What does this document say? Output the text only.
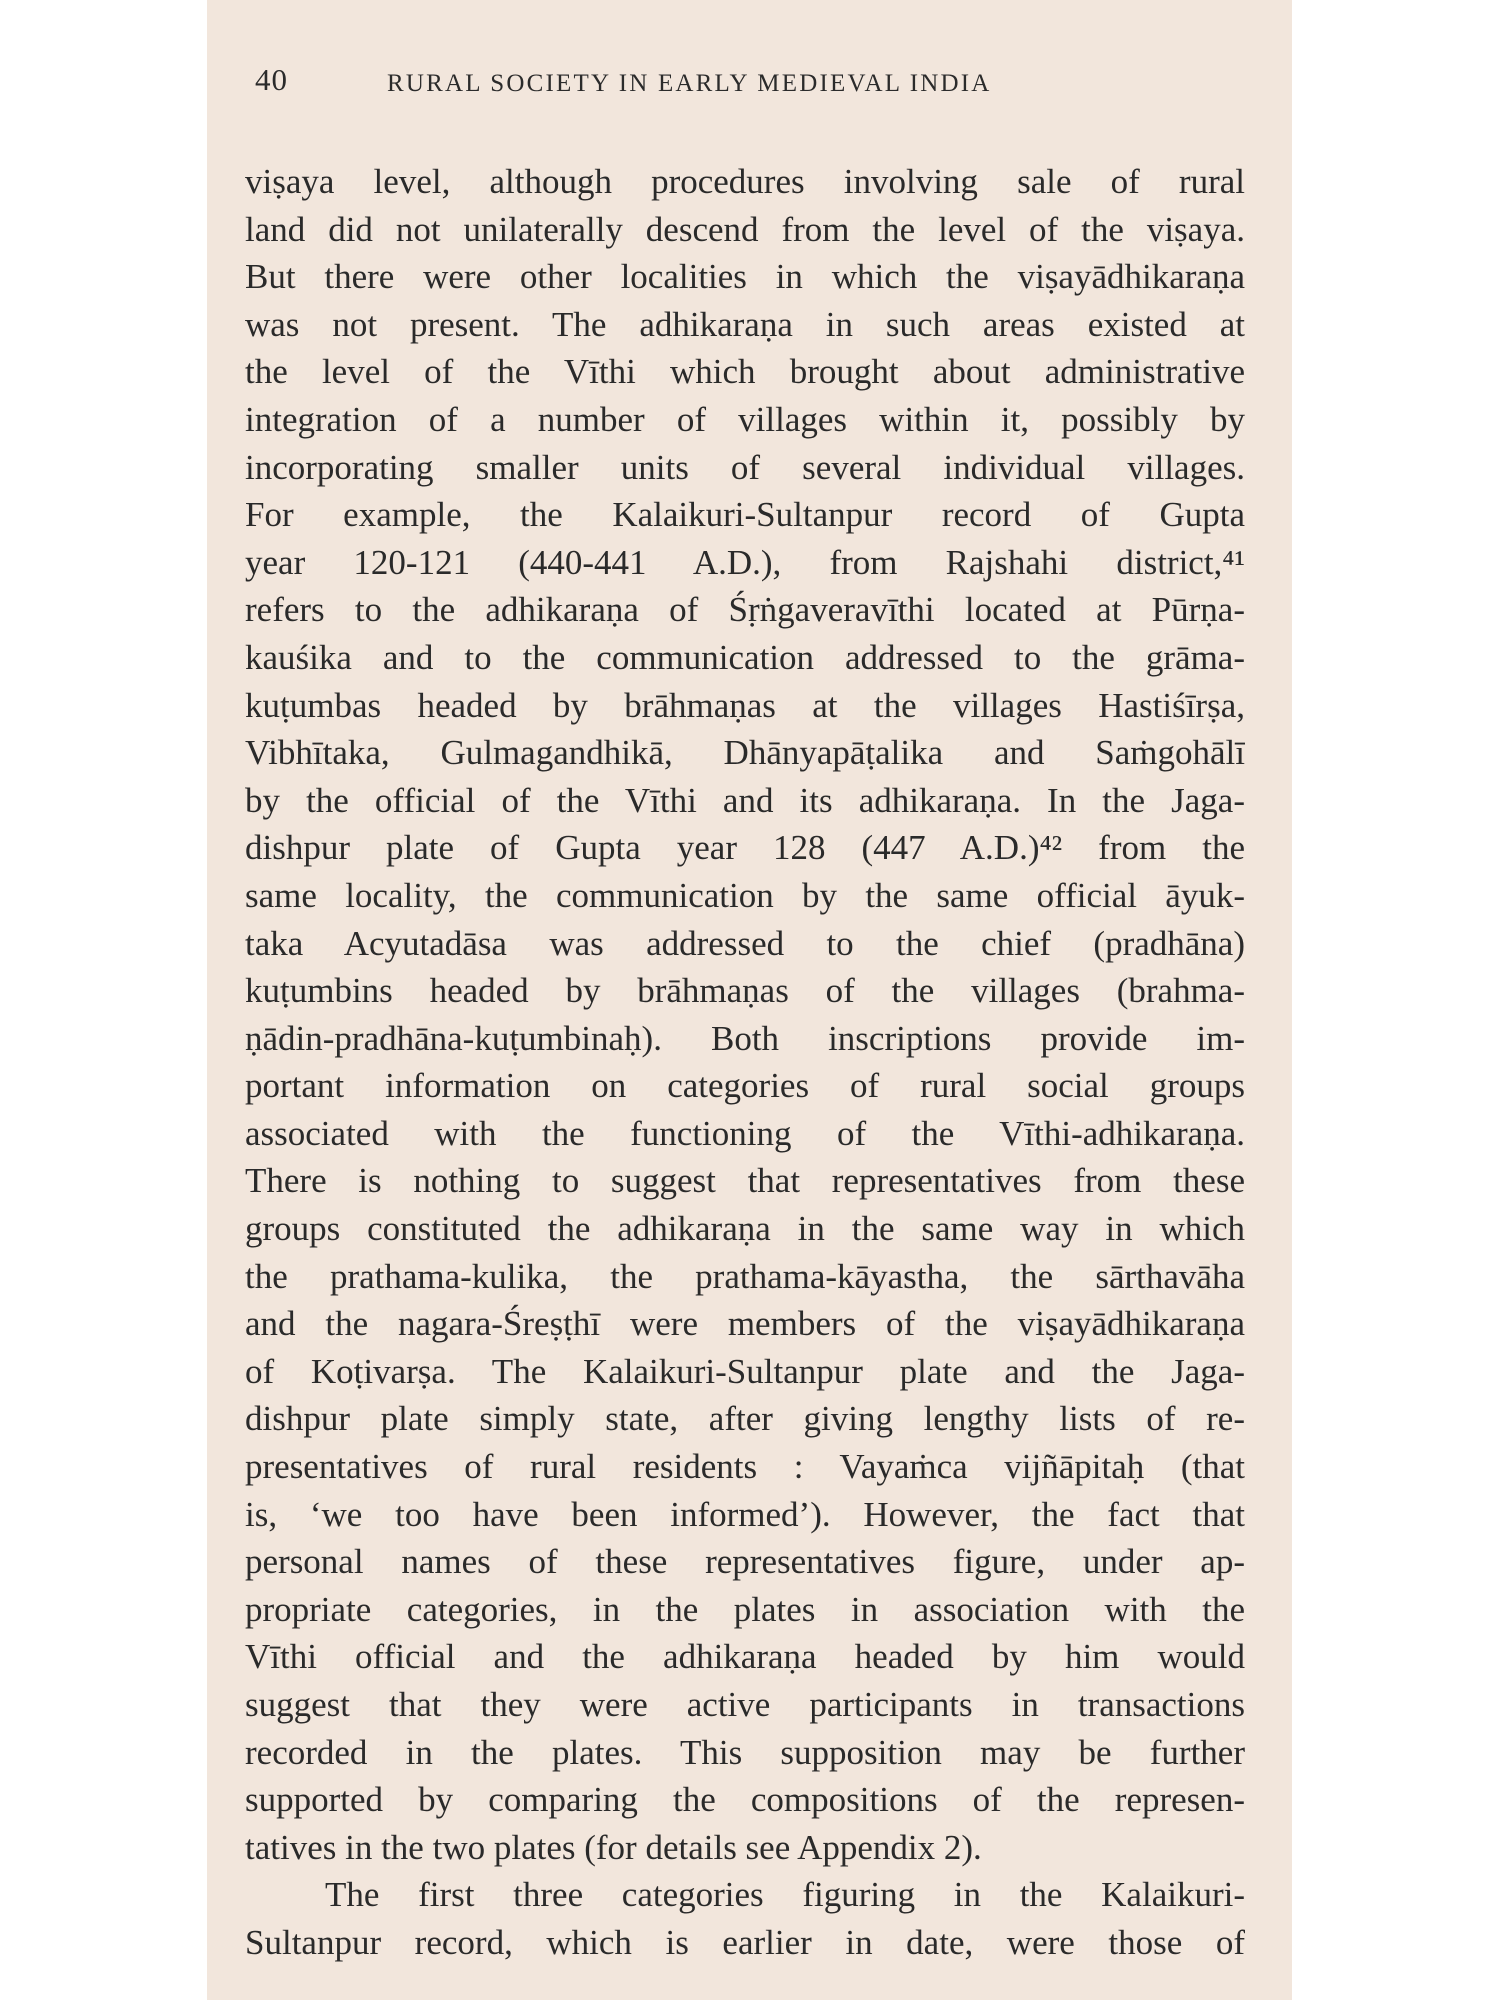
40	RURAL SOCIETY IN EARLY MEDIEVAL INDIA
viṣaya level, although procedures involving sale of rural
land did not unilaterally descend from the level of the viṣaya.
But there were other localities in which the viṣayādhikaraṇa
was not present. The adhikaraṇa in such areas existed at
the level of the Vīthi which brought about administrative
integration of a number of villages within it, possibly by
incorporating smaller units of several individual villages.
For example, the Kalaikuri-Sultanpur record of Gupta
year 120-121 (440-441 A.D.), from Rajshahi district,⁴¹
refers to the adhikaraṇa of Śṛṅgaveravīthi located at Pūrṇa-
kauśika and to the communication addressed to the grāma-
kuṭumbas headed by brāhmaṇas at the villages Hastiśīrṣa,
Vibhītaka, Gulmagandhikā, Dhānyapāṭalika and Saṁgohālī
by the official of the Vīthi and its adhikaraṇa. In the Jaga-
dishpur plate of Gupta year 128 (447 A.D.)⁴² from the
same locality, the communication by the same official āyuk-
taka Acyutadāsa was addressed to the chief (pradhāna)
kuṭumbins headed by brāhmaṇas of the villages (brahma-
ṇādin-pradhāna-kuṭumbinaḥ). Both inscriptions provide im-
portant information on categories of rural social groups
associated with the functioning of the Vīthi-adhikaraṇa.
There is nothing to suggest that representatives from these
groups constituted the adhikaraṇa in the same way in which
the prathama-kulika, the prathama-kāyastha, the sārthavāha
and the nagara-Śreṣṭhī were members of the viṣayādhikaraṇa
of Koṭivarṣa. The Kalaikuri-Sultanpur plate and the Jaga-
dishpur plate simply state, after giving lengthy lists of re-
presentatives of rural residents : Vayaṁca vijñāpitaḥ (that
is, ‘we too have been informed’). However, the fact that
personal names of these representatives figure, under ap-
propriate categories, in the plates in association with the
Vīthi official and the adhikaraṇa headed by him would
suggest that they were active participants in transactions
recorded in the plates. This supposition may be further
supported by comparing the compositions of the represen-
tatives in the two plates (for details see Appendix 2).
The first three categories figuring in the Kalaikuri-
Sultanpur record, which is earlier in date, were those of
